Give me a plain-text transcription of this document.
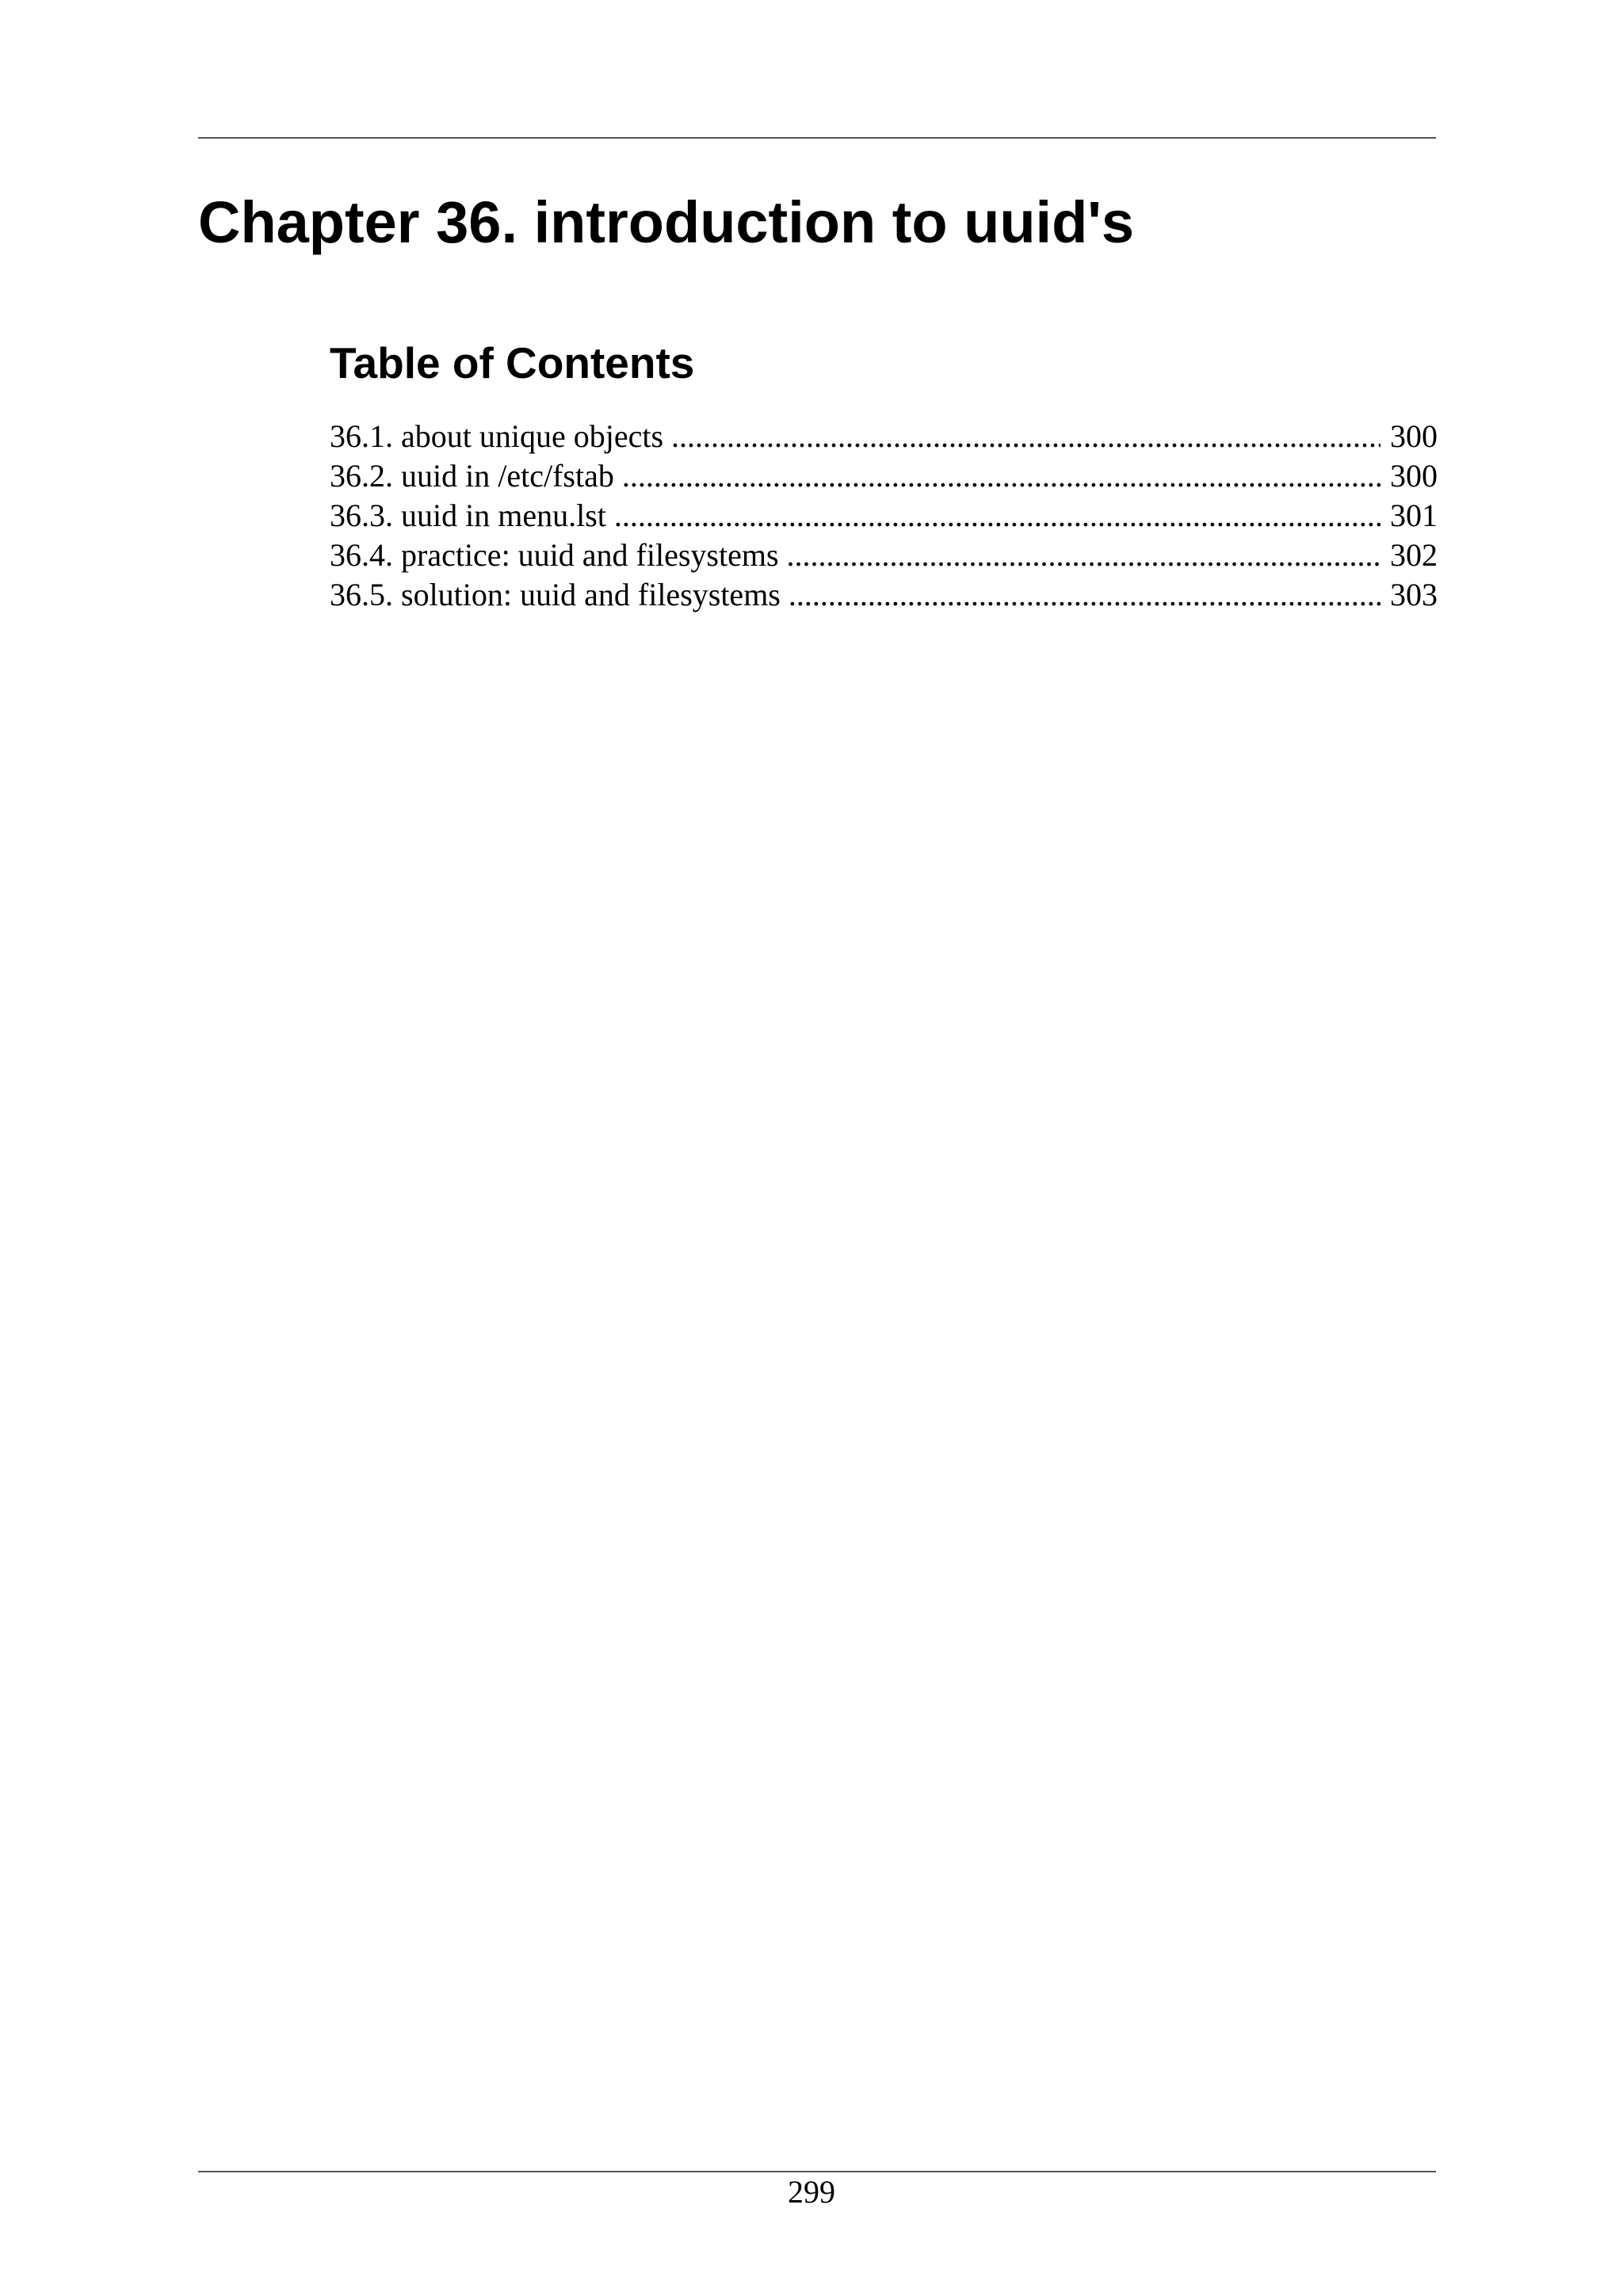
Chapter 36. introduction to uuid's
Table of Contents
36.1. about unique objects .....	300
36.2. uuid in /etc/fstab .....	300
36.3. uuid in menu.lst .....	301
36.4. practice: uuid and filesystems .....	302
36.5. solution: uuid and filesystems .....	303
299
